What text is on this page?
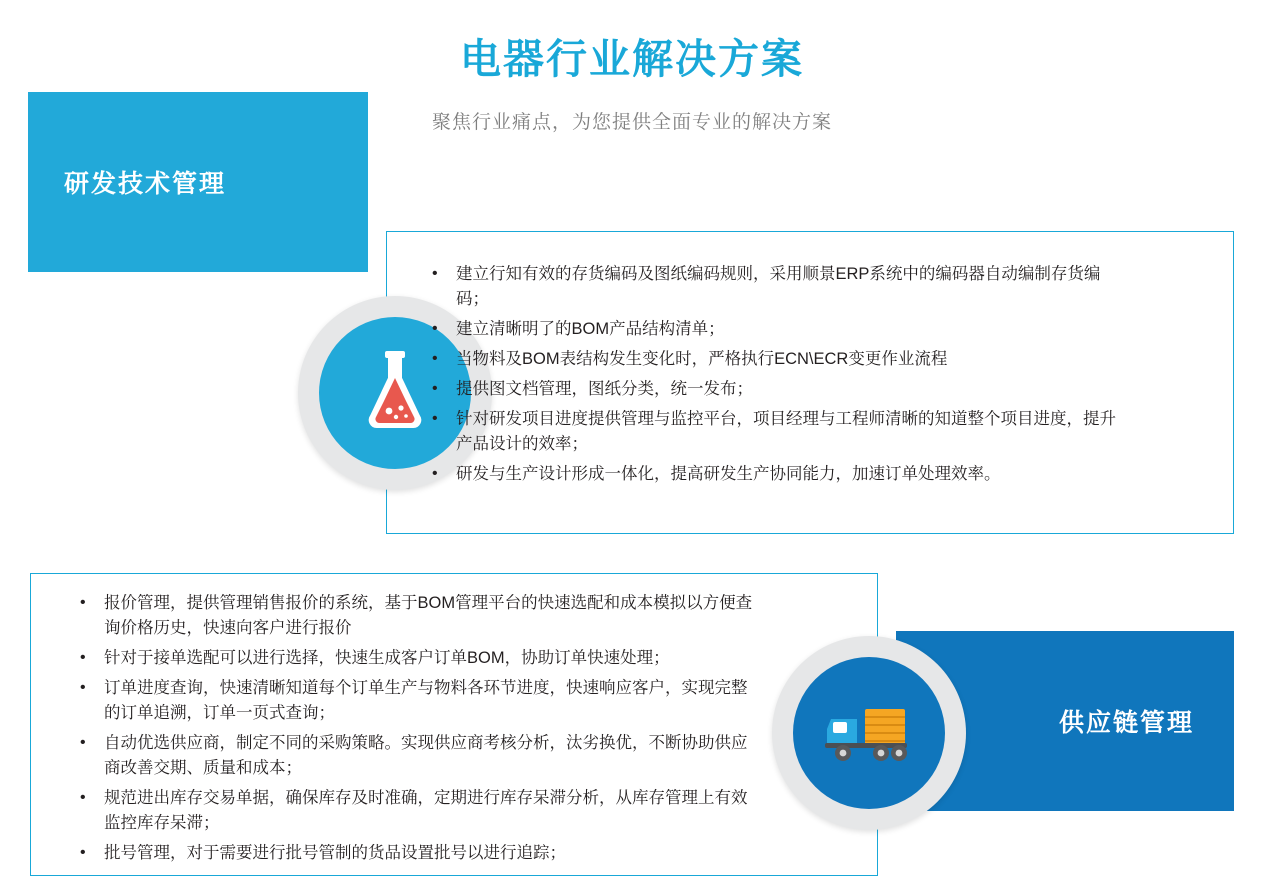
电器行业解决方案
聚焦行业痛点，为您提供全面专业的解决方案
研发技术管理
• 建立行知有效的存货编码及图纸编码规则，采用顺景ERP系统中的编码器自动编制存货编码；
• 建立清晰明了的BOM产品结构清单；
• 当物料及BOM表结构发生变化时，严格执行ECN\ECR变更作业流程
• 提供图文档管理，图纸分类，统一发布；
• 针对研发项目进度提供管理与监控平台，项目经理与工程师清晰的知道整个项目进度，提升产品设计的效率；
• 研发与生产设计形成一体化，提高研发生产协同能力，加速订单处理效率。
供应链管理
• 报价管理，提供管理销售报价的系统，基于BOM管理平台的快速选配和成本模拟以方便查询价格历史，快速向客户进行报价
• 针对于接单选配可以进行选择，快速生成客户订单BOM，协助订单快速处理；
• 订单进度查询，快速清晰知道每个订单生产与物料各环节进度，快速响应客户，实现完整的订单追溯，订单一页式查询；
• 自动优选供应商，制定不同的采购策略。实现供应商考核分析，汰劣换优，不断协助供应商改善交期、质量和成本；
• 规范进出库存交易单据，确保库存及时准确，定期进行库存呆滞分析，从库存管理上有效监控库存呆滞；
• 批号管理，对于需要进行批号管制的货品设置批号以进行追踪；
